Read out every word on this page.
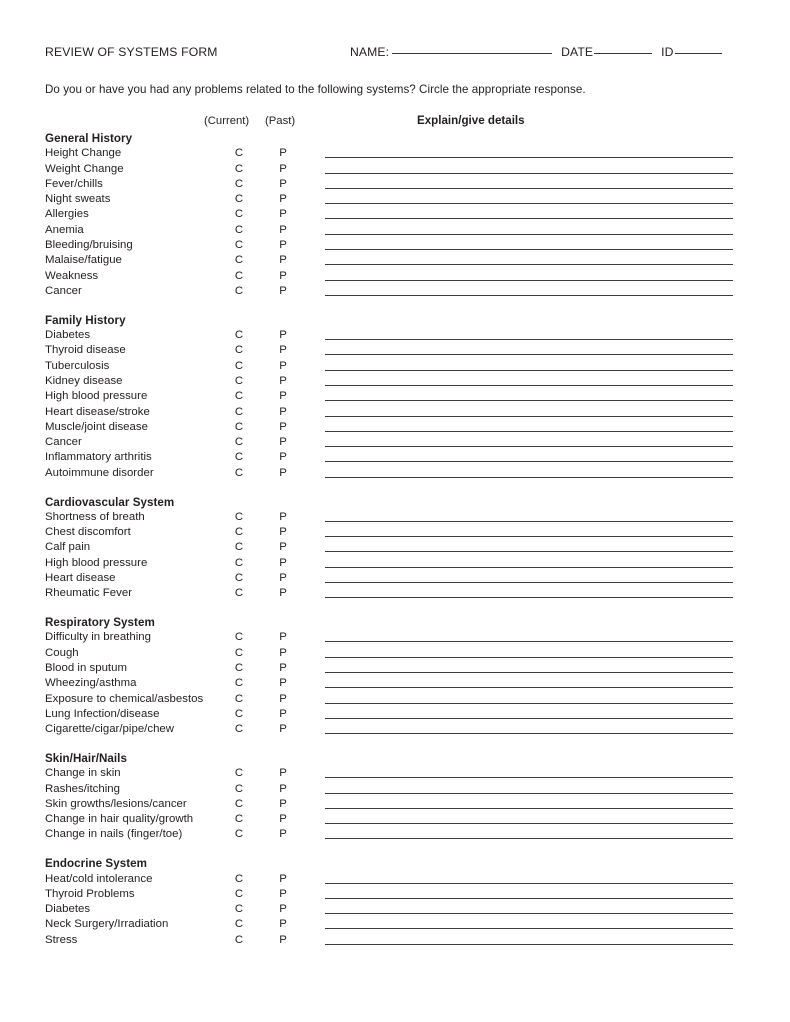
REVIEW OF SYSTEMS FORM	NAME:	DATE	ID
Do you or have you had any problems related to the following systems? Circle the appropriate response.
(Current) (Past)	Explain/give details
General History
Height Change	C	P
Weight Change	C	P
Fever/chills	C	P
Night sweats	C	P
Allergies	C	P
Anemia	C	P
Bleeding/bruising	C	P
Malaise/fatigue	C	P
Weakness	C	P
Cancer	C	P
Family History
Diabetes	C	P
Thyroid disease	C	P
Tuberculosis	C	P
Kidney disease	C	P
High blood pressure	C	P
Heart disease/stroke	C	P
Muscle/joint disease	C	P
Cancer	C	P
Inflammatory arthritis	C	P
Autoimmune disorder	C	P
Cardiovascular System
Shortness of breath	C	P
Chest discomfort	C	P
Calf pain	C	P
High blood pressure	C	P
Heart disease	C	P
Rheumatic Fever	C	P
Respiratory System
Difficulty in breathing	C	P
Cough	C	P
Blood in sputum	C	P
Wheezing/asthma	C	P
Exposure to chemical/asbestos	C	P
Lung Infection/disease	C	P
Cigarette/cigar/pipe/chew	C	P
Skin/Hair/Nails
Change in skin	C	P
Rashes/itching	C	P
Skin growths/lesions/cancer	C	P
Change in hair quality/growth	C	P
Change in nails (finger/toe)	C	P
Endocrine System
Heat/cold intolerance	C	P
Thyroid Problems	C	P
Diabetes	C	P
Neck Surgery/Irradiation	C	P
Stress	C	P
